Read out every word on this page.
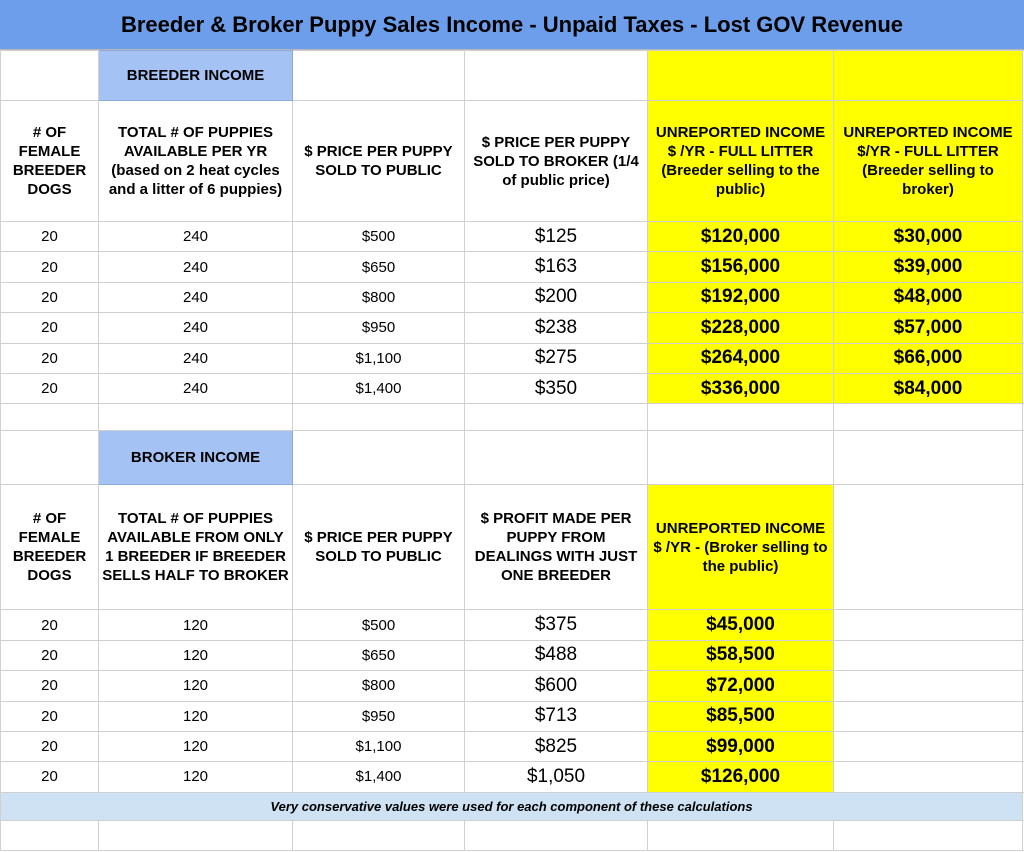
Breeder & Broker Puppy Sales Income - Unpaid Taxes - Lost GOV Revenue
	BREEDER INCOME					
# OF FEMALE BREEDER DOGS	TOTAL # OF PUPPIES AVAILABLE PER YR (based on 2 heat cycles and a litter of 6 puppies)	$ PRICE PER PUPPY SOLD TO PUBLIC	$ PRICE PER PUPPY SOLD TO BROKER (1/4 of public price)	UNREPORTED INCOME $ /YR - FULL LITTER (Breeder selling to the public)	UNREPORTED INCOME $/YR - FULL LITTER (Breeder selling to broker)	
20	240	$500	$125	$120,000	$30,000	
20	240	$650	$163	$156,000	$39,000	
20	240	$800	$200	$192,000	$48,000	
20	240	$950	$238	$228,000	$57,000	
20	240	$1,100	$275	$264,000	$66,000	
20	240	$1,400	$350	$336,000	$84,000	

	BROKER INCOME					
# OF FEMALE BREEDER DOGS	TOTAL # OF PUPPIES AVAILABLE FROM ONLY 1 BREEDER IF BREEDER SELLS HALF TO BROKER	$ PRICE PER PUPPY SOLD TO PUBLIC	$ PROFIT MADE PER PUPPY FROM DEALINGS WITH JUST ONE BREEDER	UNREPORTED INCOME $ /YR - (Broker selling to the public)		
20	120	$500	$375	$45,000		
20	120	$650	$488	$58,500		
20	120	$800	$600	$72,000		
20	120	$950	$713	$85,500		
20	120	$1,100	$825	$99,000		
20	120	$1,400	$1,050	$126,000		
Very conservative values were used for each component of these calculations						
